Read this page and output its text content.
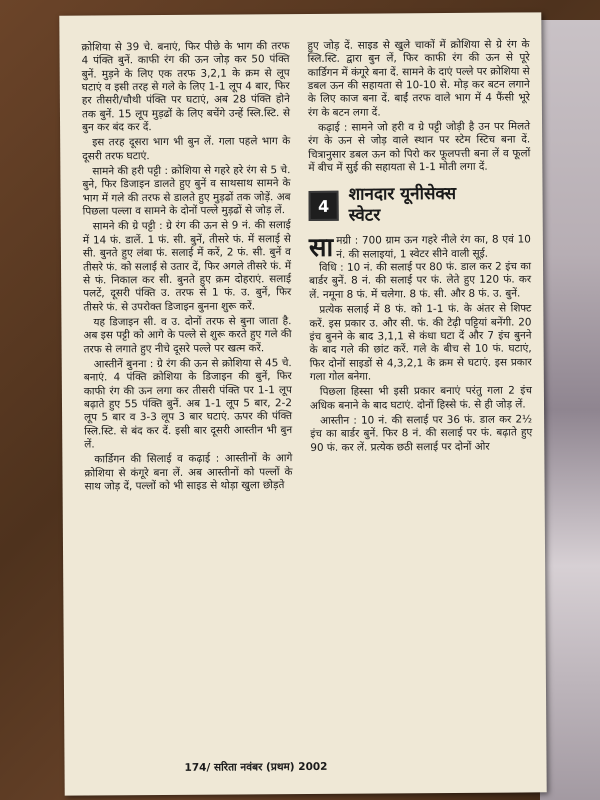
क्रोशिया से 39 चे. बनाएं, फिर पीछे के भाग की तरफ 4 पंक्ति बुनें. काफी रंग की ऊन जोड़ कर 50 पंक्ति बुनें. मुड़ने के लिए एक तरफ 3,2,1 के क्रम से लूप घटाएं व इसी तरह से गले के लिए 1-1 लूप 4 बार, फिर हर तीसरी/चौथी पंक्ति पर घटाएं, अब 28 पंक्ति होने तक बुनें. 15 लूप मुड़ढों के लिए बचेंगे उन्हें स्लि.स्टि. से बुन कर बंद कर दें.

इस तरह दूसरा भाग भी बुन लें. गला पहले भाग के दूसरी तरफ घटाएं.

सामने की हरी पट्टी : क्रोशिया से गहरे हरे रंग से 5 चे. बुने, फिर डिजाइन डालते हुए बुनें व साथसाथ सामने के भाग में गले की तरफ से डालते हुए मुड़ढों तक जोड़ें. अब पिछला पल्ला व सामने के दोनों पल्ले मुड़ढों से जोड़ लें.

सामने की ग्रे पट्टी : ग्रे रंग की ऊन से 9 नं. की सलाई में 14 फं. डालें. 1 फं. सी. बुनें, तीसरे फं. में सलाई से सी. बुनते हुए लंबा फं. सलाई में करें, 2 फं. सी. बुनें व तीसरे फं. को सलाई से उतार दें, फिर अगले तीसरे फं. में से फं. निकाल कर सी. बुनते हुए क्रम दोहराएं. सलाई पलटें, दूसरी पंक्ति उ. तरफ से 1 फं. उ. बुनें, फिर तीसरे फं. से उपरोक्त डिजाइन बुनना शुरू करें.

यह डिजाइन सी. व उ. दोनों तरफ से बुना जाता है. अब इस पट्टी को आगे के पल्ले से शुरू करते हुए गले की तरफ से लगाते हुए नीचे दूसरे पल्ले पर खत्म करें.

आस्तीनें बुनना : ग्रे रंग की ऊन से क्रोशिया से 45 चे. बनाएं. 4 पंक्ति क्रोशिया के डिजाइन की बुनें, फिर काफी रंग की ऊन लगा कर तीसरी पंक्ति पर 1-1 लूप बढ़ाते हुए 55 पंक्ति बुनें. अब 1-1 लूप 5 बार, 2-2 लूप 5 बार व 3-3 लूप 3 बार घटाएं. ऊपर की पंक्ति स्लि.स्टि. से बंद कर दें. इसी बार दूसरी आस्तीन भी बुन लें.

कार्डिगन की सिलाई व कढ़ाई : आस्तीनों के आगे क्रोशिया से कंगूरे बना लें. अब आस्तीनों को पल्लों के साथ जोड़ दें, पल्लों को भी साइड से थोड़ा खुला छोड़ते

हुए जोड़ दें. साइड से खुले चाकों में क्रोशिया से ग्रे रंग के स्लि.स्टि. द्वारा बुन लें, फिर काफी रंग की ऊन से पूरे कार्डिगन में कंगूरे बना दें. सामने के दाएं पल्ले पर क्रोशिया से डबल ऊन की सहायता से 10-10 से. मोड़ कर बटन लगाने के लिए काज बना दें. बाईं तरफ वाले भाग में 4 फैंसी भूरे रंग के बटन लगा दें.

कढ़ाई : सामने जो हरी व ग्रे पट्टी जोड़ी है उन पर मिलते रंग के ऊन से जोड़ वाले स्थान पर स्टेम स्टिच बना दें. चित्रानुसार डबल ऊन को पिरो कर फूलपत्ती बना लें व फूलों में बीच में सुई की सहायता से 1-1 मोती लगा दें.

4
शानदार यूनीसेक्स
स्वेटर
सा मग्री : 700 ग्राम ऊन गहरे नीले रंग का, 8 एवं 10 नं. की सलाइयां, 1 स्वेटर सीने वाली सूई.

विधि : 10 नं. की सलाई पर 80 फं. डाल कर 2 इंच का बार्डर बुनें. 8 नं. की सलाई पर फं. लेते हुए 120 फं. कर लें. नमूना 8 फं. में चलेगा. 8 फं. सी. और 8 फं. उ. बुनें.

प्रत्येक सलाई में 8 फं. को 1-1 फं. के अंतर से शिफ्ट करें. इस प्रकार उ. और सी. फं. की टेढ़ी पट्टियां बनेंगी. 20 इंच बुनने के बाद 3,1,1 से कंधा घटा दें और 7 इंच बुनने के बाद गले की छांट करें. गले के बीच से 10 फं. घटाएं, फिर दोनों साइडों से 4,3,2,1 के क्रम से घटाएं. इस प्रकार गला गोल बनेगा.

पिछला हिस्सा भी इसी प्रकार बनाएं परंतु गला 2 इंच अधिक बनाने के बाद घटाएं. दोनों हिस्से फं. से ही जोड़ लें.

आस्तीन : 10 नं. की सलाई पर 36 फं. डाल कर 2½ इंच का बार्डर बुनें. फिर 8 नं. की सलाई पर फं. बढ़ाते हुए 90 फं. कर लें. प्रत्येक छठी सलाई पर दोनों ओर

174/ सरिता नवंबर (प्रथम) 2002
